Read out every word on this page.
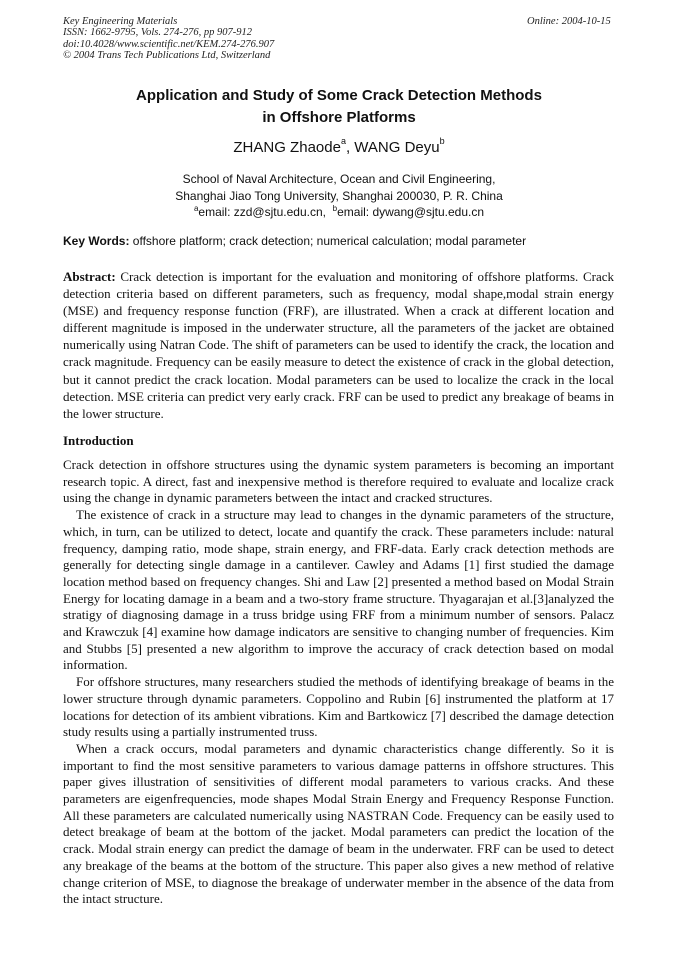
Key Engineering Materials
ISSN: 1662-9795, Vols. 274-276, pp 907-912
doi:10.4028/www.scientific.net/KEM.274-276.907
© 2004 Trans Tech Publications Ltd, Switzerland
Online: 2004-10-15
Application and Study of Some Crack Detection Methods
in Offshore Platforms
ZHANG Zhaode$^a$, WANG Deyu$^b$
School of Naval Architecture, Ocean and Civil Engineering,
Shanghai Jiao Tong University, Shanghai 200030, P. R. China
$^a$email: zzd@sjtu.edu.cn, $^b$email: dywang@sjtu.edu.cn
Key Words: offshore platform; crack detection; numerical calculation; modal parameter
Abstract: Crack detection is important for the evaluation and monitoring of offshore platforms. Crack detection criteria based on different parameters, such as frequency, modal shape,modal strain energy (MSE) and frequency response function (FRF), are illustrated. When a crack at different location and different magnitude is imposed in the underwater structure, all the parameters of the jacket are obtained numerically using Natran Code. The shift of parameters can be used to identify the crack, the location and crack magnitude. Frequency can be easily measure to detect the existence of crack in the global detection, but it cannot predict the crack location. Modal parameters can be used to localize the crack in the local detection. MSE criteria can predict very early crack. FRF can be used to predict any breakage of beams in the lower structure.
Introduction

Crack detection in offshore structures using the dynamic system parameters is becoming an important research topic. A direct, fast and inexpensive method is therefore required to evaluate and localize crack using the change in dynamic parameters between the intact and cracked structures.

The existence of crack in a structure may lead to changes in the dynamic parameters of the structure, which, in turn, can be utilized to detect, locate and quantify the crack. These parameters include: natural frequency, damping ratio, mode shape, strain energy, and FRF-data. Early crack detection methods are generally for detecting single damage in a cantilever. Cawley and Adams [1] first studied the damage location method based on frequency changes. Shi and Law [2] presented a method based on Modal Strain Energy for locating damage in a beam and a two-story frame structure. Thyagarajan et al.[3]analyzed the stratigy of diagnosing damage in a truss bridge using FRF from a minimum number of sensors. Palacz and Krawczuk [4] examine how damage indicators are sensitive to changing number of frequencies. Kim and Stubbs [5] presented a new algorithm to improve the accuracy of crack detection based on modal information.

For offshore structures, many researchers studied the methods of identifying breakage of beams in the lower structure through dynamic parameters. Coppolino and Rubin [6] instrumented the platform at 17 locations for detection of its ambient vibrations. Kim and Bartkowicz [7] described the damage detection study results using a partially instrumented truss.

When a crack occurs, modal parameters and dynamic characteristics change differently. So it is important to find the most sensitive parameters to various damage patterns in offshore structures. This paper gives illustration of sensitivities of different modal parameters to various cracks. And these parameters are eigenfrequencies, mode shapes Modal Strain Energy and Frequency Response Function. All these parameters are calculated numerically using NASTRAN Code. Frequency can be easily used to detect breakage of beam at the bottom of the jacket. Modal parameters can predict the location of the crack. Modal strain energy can predict the damage of beam in the underwater. FRF can be used to detect any breakage of the beams at the bottom of the structure. This paper also gives a new method of relative change criterion of MSE, to diagnose the breakage of underwater member in the absence of the data from the intact structure.
